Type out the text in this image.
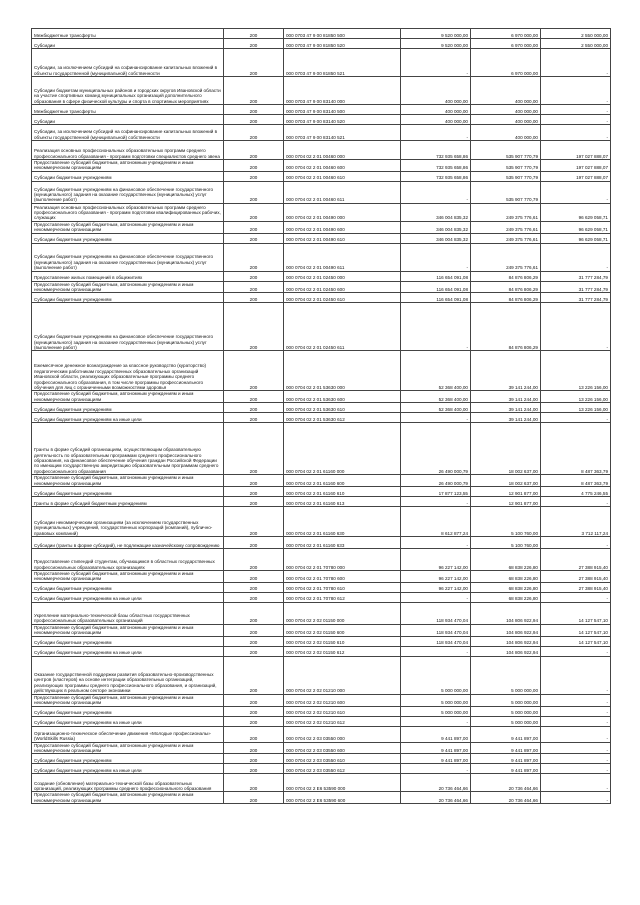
Межбюджетные трансферты	200	000 0703 47 9 00 81850 500	9 520 000,00	6 970 000,00	2 550 000,00
Субсидии	200	000 0703 47 9 00 81850 520	9 520 000,00	6 970 000,00	2 550 000,00
Субсидии, за исключением субсидий на софинансирование капитальных вложений в объекты государственной (муниципальной) собственности	200	000 0703 47 9 00 81850 521	-	6 970 000,00	-
Субсидии бюджетам муниципальных районов и городских округов Ивановской области на участие спортивных команд муниципальных организаций дополнительного образования в сфере физической культуры и спорта в спортивных мероприятиях	200	000 0703 47 9 00 83140 000	400 000,00	400 000,00	-
Межбюджетные трансферты	200	000 0703 47 9 00 83140 500	400 000,00	400 000,00	-
Субсидии	200	000 0703 47 9 00 83140 520	400 000,00	400 000,00	-
Субсидии, за исключением субсидий на софинансирование капитальных вложений в объекты государственной (муниципальной) собственности	200	000 0703 47 9 00 83140 521	-	400 000,00	-
Реализация основных профессиональных образовательных программ среднего профессионального образования - программ подготовки специалистов среднего звена	200	000 0704 02 2 01 00460 000	732 935 658,86	535 907 770,79	197 027 888,07
Предоставление субсидий бюджетным, автономным учреждениям и иным некоммерческим организациям	200	000 0704 02 2 01 00460 600	732 935 658,86	535 907 770,79	197 027 888,07
Субсидии бюджетным учреждениям	200	000 0704 02 2 01 00460 610	732 935 658,86	535 907 770,79	197 027 888,07
Субсидии бюджетным учреждениям на финансовое обеспечение государственного (муниципального) задания на оказание государственных (муниципальных) услуг (выполнение работ)	200	000 0704 02 2 01 00460 611	-	535 907 770,79	-
Реализация основных профессиональных образовательных программ среднего профессионального образования - программ подготовки квалифицированных рабочих, служащих	200	000 0704 02 2 01 00490 000	346 004 835,32	249 375 776,61	96 629 058,71
Предоставление субсидий бюджетным, автономным учреждениям и иным некоммерческим организациям	200	000 0704 02 2 01 00490 600	346 004 835,32	249 375 776,61	96 629 058,71
Субсидии бюджетным учреждениям	200	000 0704 02 2 01 00490 610	346 004 835,32	249 375 776,61	96 629 058,71
Субсидии бюджетным учреждениям на финансовое обеспечение государственного (муниципального) задания на оказание государственных (муниципальных) услуг (выполнение работ)	200	000 0704 02 2 01 00490 611	-	249 375 776,61	-
Предоставление жилых помещений в общежитиях	200	000 0704 02 2 01 02450 000	116 654 091,08	84 876 806,29	31 777 284,79
Предоставление субсидий бюджетным, автономным учреждениям и иным некоммерческим организациям	200	000 0704 02 2 01 02450 600	116 654 091,08	84 876 806,29	31 777 284,79
Субсидии бюджетным учреждениям	200	000 0704 02 2 01 02450 610	116 654 091,08	84 876 806,29	31 777 284,79
Субсидии бюджетным учреждениям на финансовое обеспечение государственного (муниципального) задания на оказание государственных (муниципальных) услуг (выполнение работ)	200	000 0704 02 2 01 02450 611	-	84 876 806,29	-
Ежемесячное денежное вознаграждение за классное руководство (кураторство) педагогическим работникам государственных образовательных организаций Ивановской области, реализующих образовательные программы среднего профессионального образования, в том числе программы профессионального обучения для лиц с ограниченными возможностями здоровья	200	000 0704 02 2 01 53630 000	52 368 400,00	39 141 244,00	13 226 156,00
Предоставление субсидий бюджетным, автономным учреждениям и иным некоммерческим организациям	200	000 0704 02 2 01 53630 600	52 368 400,00	39 141 244,00	13 226 156,00
Субсидии бюджетным учреждениям	200	000 0704 02 2 01 53630 610	52 368 400,00	39 141 244,00	13 226 156,00
Субсидии бюджетным учреждениям на иные цели	200	000 0704 02 2 01 53630 612	-	39 141 244,00	-
Гранты в форме субсидий организациям, осуществляющим образовательную деятельность по образовательным программам среднего профессионального образования, на финансовое обеспечение обучения граждан Российской Федерации по имеющим государственную аккредитацию образовательным программам среднего профессионального образования	200	000 0704 02 2 01 61160 000	26 490 000,79	18 002 637,00	8 487 363,79
Предоставление субсидий бюджетным, автономным учреждениям и иным некоммерческим организациям	200	000 0704 02 2 01 61160 600	26 490 000,79	18 002 637,00	8 487 363,79
Субсидии бюджетным учреждениям	200	000 0704 02 2 01 61160 610	17 877 123,55	12 901 877,00	4 775 246,55
Гранты в форме субсидий бюджетным учреждениям	200	000 0704 02 2 01 61160 613	-	12 901 877,00	-
Субсидии некоммерческим организациям (за исключением государственных (муниципальных) учреждений, государственных корпораций (компаний), публично-правовых компаний)	200	000 0704 02 2 01 61160 630	8 612 877,24	5 100 760,00	3 712 117,24
Субсидии (гранты в форме субсидий), не подлежащие казначейскому сопровождению	200	000 0704 02 2 01 61160 633	-	5 100 760,00	-
Предоставление стипендий студентам, обучающимся в областных государственных профессиональных образовательных организациях	200	000 0704 02 2 01 70780 000	96 227 142,00	68 838 226,80	27 388 915,40
Предоставление субсидий бюджетным, автономным учреждениям и иным некоммерческим организациям	200	000 0704 02 2 01 70780 600	96 227 142,00	68 838 226,80	27 388 915,40
Субсидии бюджетным учреждениям	200	000 0704 02 2 01 70780 610	96 227 142,00	68 838 226,80	27 388 915,40
Субсидии бюджетным учреждениям на иные цели	200	000 0704 02 2 01 70780 612	-	68 838 226,80	-
Укрепление материально-технической базы областных государственных профессиональных образовательных организаций	200	000 0704 02 2 02 01150 000	118 934 470,04	104 806 922,94	14 127 547,10
Предоставление субсидий бюджетным, автономным учреждениям и иным некоммерческим организациям	200	000 0704 02 2 02 01150 600	118 934 470,04	104 806 922,94	14 127 547,10
Субсидии бюджетным учреждениям	200	000 0704 02 2 02 01150 610	118 934 470,04	104 806 922,94	14 127 547,10
Субсидии бюджетным учреждениям на иные цели	200	000 0704 02 2 02 01150 612	-	104 806 922,94	-
Оказание государственной поддержки развития образовательно-производственных центров (кластеров) на основе интеграции образовательных организаций, реализующих программы среднего профессионального образования, и организаций, действующих в реальном секторе экономики	200	000 0704 02 2 02 01210 000	5 000 000,00	5 000 000,00	-
Предоставление субсидий бюджетным, автономным учреждениям и иным некоммерческим организациям	200	000 0704 02 2 02 01210 600	5 000 000,00	5 000 000,00	-
Субсидии бюджетным учреждениям	200	000 0704 02 2 02 01210 610	5 000 000,00	5 000 000,00	-
Субсидии бюджетным учреждениям на иные цели	200	000 0704 02 2 02 01210 612	-	5 000 000,00	-
Организационно-техническое обеспечение движения «Молодые профессионалы» (WorldSkills Russia)	200	000 0704 02 2 03 03550 000	9 441 897,00	9 441 897,00	-
Предоставление субсидий бюджетным, автономным учреждениям и иным некоммерческим организациям	200	000 0704 02 2 03 03550 600	9 441 897,00	9 441 897,00	-
Субсидии бюджетным учреждениям	200	000 0704 02 2 03 03550 610	9 441 897,00	9 441 897,00	-
Субсидии бюджетным учреждениям на иные цели	200	000 0704 02 2 03 03550 612	-	9 441 897,00	-
Создание (обновление) материально-технической базы образовательных организаций, реализующих программы среднего профессионального образования	200	000 0704 02 2 Е6 53590 000	20 736 464,66	20 736 464,66	-
Предоставление субсидий бюджетным, автономным учреждениям и иным некоммерческим организациям	200	000 0704 02 2 Е6 53590 600	20 736 464,66	20 736 464,66	-
